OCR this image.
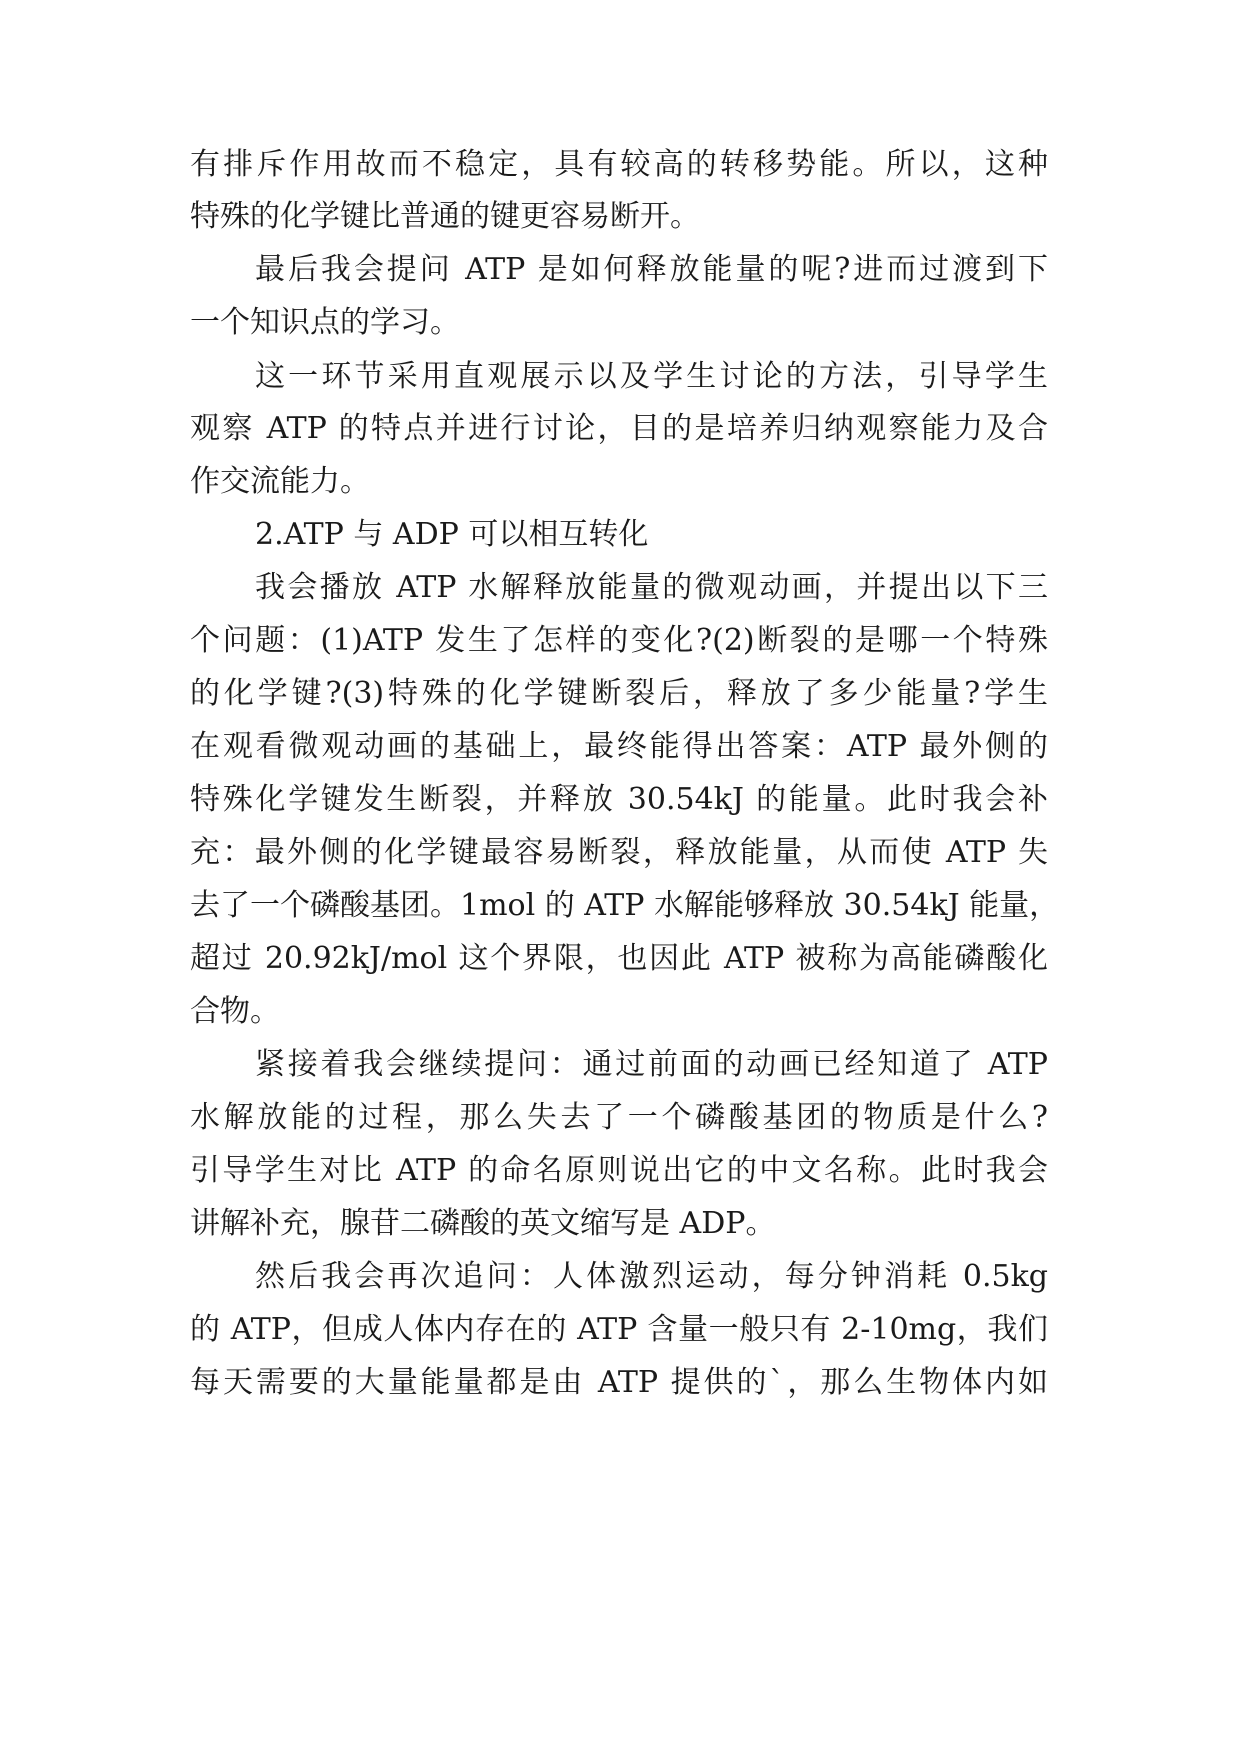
有排斥作用故而不稳定，具有较高的转移势能。所以，这种
特殊的化学键比普通的键更容易断开。
最后我会提问 ATP 是如何释放能量的呢?进而过渡到下
一个知识点的学习。
这一环节采用直观展示以及学生讨论的方法，引导学生
观察 ATP 的特点并进行讨论，目的是培养归纳观察能力及合
作交流能力。
2.ATP 与 ADP 可以相互转化
我会播放 ATP 水解释放能量的微观动画，并提出以下三
个问题：(1)ATP 发生了怎样的变化?(2)断裂的是哪一个特殊
的化学键?(3)特殊的化学键断裂后，释放了多少能量?学生
在观看微观动画的基础上，最终能得出答案：ATP 最外侧的
特殊化学键发生断裂，并释放 30.54kJ 的能量。此时我会补
充：最外侧的化学键最容易断裂，释放能量，从而使 ATP 失
去了一个磷酸基团。1mol 的 ATP 水解能够释放 30.54kJ 能量，
超过 20.92kJ/mol 这个界限，也因此 ATP 被称为高能磷酸化
合物。
紧接着我会继续提问：通过前面的动画已经知道了 ATP
水解放能的过程，那么失去了一个磷酸基团的物质是什么?
引导学生对比 ATP 的命名原则说出它的中文名称。此时我会
讲解补充，腺苷二磷酸的英文缩写是 ADP。
然后我会再次追问：人体激烈运动，每分钟消耗 0.5kg
的 ATP，但成人体内存在的 ATP 含量一般只有 2-10mg，我们
每天需要的大量能量都是由 ATP 提供的`，那么生物体内如
